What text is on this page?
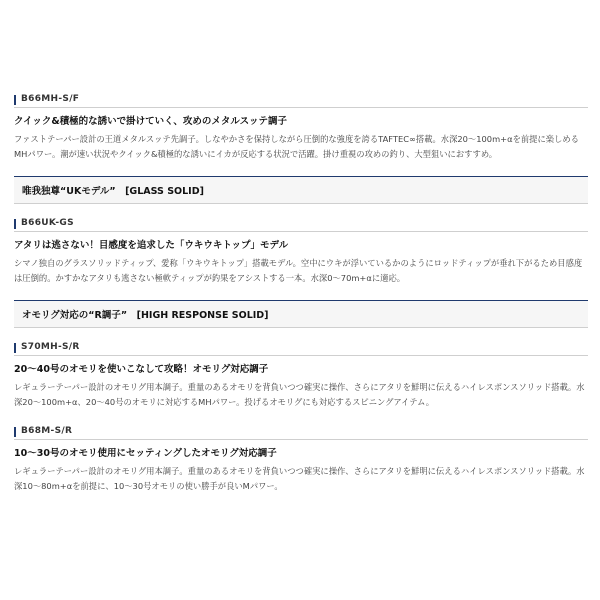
B66MH-S/F

クイック&積極的な誘いで掛けていく、攻めのメタルスッテ調子

ファストテーパー設計の王道メタルスッテ先調子。しなやかさを保持しながら圧倒的な強度を誇るTAFTEC∞搭載。水深20～100m+αを前提に楽しめるMHパワー。潮が速い状況やクイック&積極的な誘いにイカが反応する状況で活躍。掛け重視の攻めの釣り、大型狙いにおすすめ。

唯我独尊“UKモデル”　[GLASS SOLID]
B66UK-GS

アタリは逃さない！目感度を追求した「ウキウキトップ」モデル

シマノ独自のグラスソリッドティップ、愛称「ウキウキトップ」搭載モデル。空中にウキが浮いているかのようにロッドティップが垂れ下がるため目感度は圧倒的。かすかなアタリも逃さない極軟ティップが釣果をアシストする一本。水深0～70m+αに適応。

オモリグ対応の“R調子”　[HIGH RESPONSE SOLID]
S70MH-S/R

20～40号のオモリを使いこなして攻略！オモリグ対応調子

レギュラーテーパー設計のオモリグ用本調子。重量のあるオモリを背負いつつ確実に操作、さらにアタリを鮮明に伝えるハイレスポンスソリッド搭載。水深20～100m+α、20～40号のオモリに対応するMHパワー。投げるオモリグにも対応するスピニングアイテム。

B68M-S/R

10～30号のオモリ使用にセッティングしたオモリグ対応調子

レギュラーテーパー設計のオモリグ用本調子。重量のあるオモリを背負いつつ確実に操作、さらにアタリを鮮明に伝えるハイレスポンスソリッド搭載。水深10～80m+αを前提に、10～30号オモリの使い勝手が良いMパワー。
